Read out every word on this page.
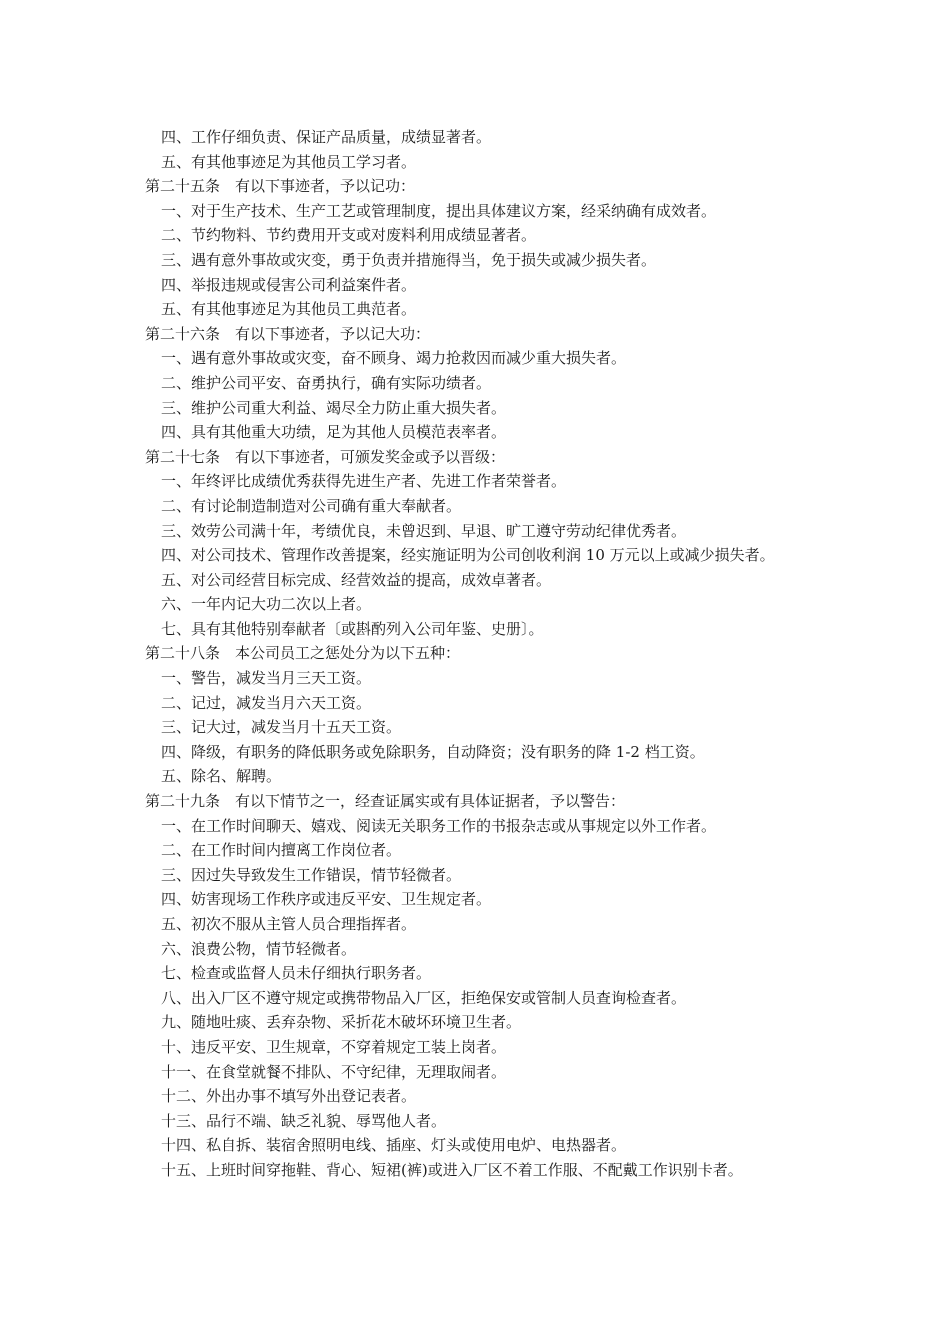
四、工作仔细负责、保证产品质量，成绩显著者。

五、有其他事迹足为其他员工学习者。

第二十五条　有以下事迹者，予以记功：

一、对于生产技术、生产工艺或管理制度，提出具体建议方案，经采纳确有成效者。

二、节约物料、节约费用开支或对废料利用成绩显著者。

三、遇有意外事故或灾变，勇于负责并措施得当，免于损失或减少损失者。

四、举报违规或侵害公司利益案件者。

五、有其他事迹足为其他员工典范者。

第二十六条　有以下事迹者，予以记大功：

一、遇有意外事故或灾变，奋不顾身、竭力抢救因而减少重大损失者。

二、维护公司平安、奋勇执行，确有实际功绩者。

三、维护公司重大利益、竭尽全力防止重大损失者。

四、具有其他重大功绩，足为其他人员模范表率者。

第二十七条　有以下事迹者，可颁发奖金或予以晋级：

一、年终评比成绩优秀获得先进生产者、先进工作者荣誉者。

二、有讨论制造制造对公司确有重大奉献者。

三、效劳公司满十年，考绩优良，未曾迟到、早退、旷工遵守劳动纪律优秀者。

四、对公司技术、管理作改善提案，经实施证明为公司创收利润 10 万元以上或减少损失者。

五、对公司经营目标完成、经营效益的提高，成效卓著者。

六、一年内记大功二次以上者。

七、具有其他特别奉献者〔或斟酌列入公司年鉴、史册〕。

第二十八条　本公司员工之惩处分为以下五种：

一、警告，减发当月三天工资。

二、记过，减发当月六天工资。

三、记大过，减发当月十五天工资。

四、降级，有职务的降低职务或免除职务，自动降资；没有职务的降 1-2 档工资。

五、除名、解聘。

第二十九条　有以下情节之一，经查证属实或有具体证据者，予以警告：

一、在工作时间聊天、嬉戏、阅读无关职务工作的书报杂志或从事规定以外工作者。

二、在工作时间内擅离工作岗位者。

三、因过失导致发生工作错误，情节轻微者。

四、妨害现场工作秩序或违反平安、卫生规定者。

五、初次不服从主管人员合理指挥者。

六、浪费公物，情节轻微者。

七、检查或监督人员未仔细执行职务者。

八、出入厂区不遵守规定或携带物品入厂区，拒绝保安或管制人员查询检查者。

九、随地吐痰、丢弃杂物、采折花木破坏环境卫生者。

十、违反平安、卫生规章，不穿着规定工装上岗者。

十一、在食堂就餐不排队、不守纪律，无理取闹者。

十二、外出办事不填写外出登记表者。

十三、品行不端、缺乏礼貌、辱骂他人者。

十四、私自拆、装宿舍照明电线、插座、灯头或使用电炉、电热器者。

十五、上班时间穿拖鞋、背心、短裙(裤)或进入厂区不着工作服、不配戴工作识别卡者。
